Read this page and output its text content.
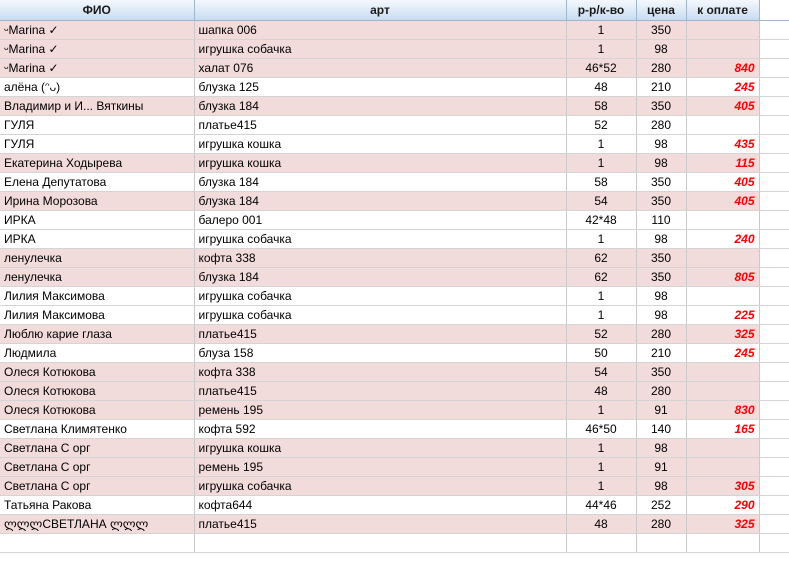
ФИО	арт	р-р/к-во	цена	к оплате	
ᵕMarina ✓	шапка 006	1	350		
ᵕMarina ✓	игрушка собачка	1	98		
ᵕMarina ✓	халат 076	46*52	280	840	
алёна (ᵔᴗ)	блузка 125	48	210	245	
Владимир и И... Вяткины	блузка 184	58	350	405	
ГУЛЯ	платье415	52	280		
ГУЛЯ	игрушка кошка	1	98	435	
Екатерина Ходырева	игрушка кошка	1	98	115	
Елена Депутатова	блузка 184	58	350	405	
Ирина Морозова	блузка 184	54	350	405	
ИРКА	балеро 001	42*48	110		
ИРКА	игрушка собачка	1	98	240	
ленулечка	кофта 338	62	350		
ленулечка	блузка 184	62	350	805	
Лилия Максимова	игрушка собачка	1	98		
Лилия Максимова	игрушка собачка	1	98	225	
Люблю карие глаза	платье415	52	280	325	
Людмила	блуза 158	50	210	245	
Олеся Котюкова	кофта 338	54	350		
Олеся Котюкова	платье415	48	280		
Олеся Котюкова	ремень 195	1	91	830	
Светлана Климятенко	кофта 592	46*50	140	165	
Светлана С орг	игрушка кошка	1	98		
Светлана С орг	ремень 195	1	91		
Светлана С орг	игрушка собачка	1	98	305	
Татьяна Ракова	кофта644	44*46	252	290	
ლლლСВЕТЛАНА ლლლ	платье415	48	280	325	
